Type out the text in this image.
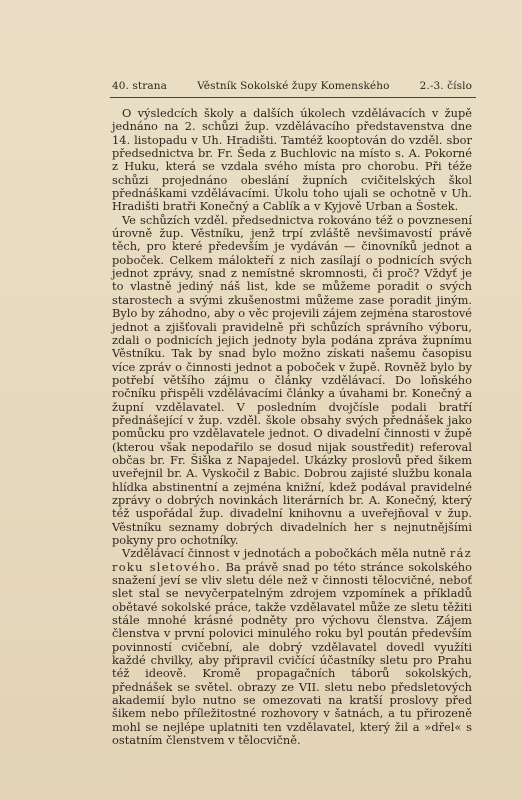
40. strana	Věstník Sokolské župy Komenského	2.-3. číslo

O výsledcích školy a dalších úkolech vzdělávacích v župě jednáno na 2. schůzi žup. vzdělávacího představenstva dne 14. listopadu v Uh. Hradišti. Tamtéž kooptován do vzděl. sbor předsednictva br. Fr. Šeda z Buchlovic na místo s. A. Pokorné z Huku, která se vzdala svého místa pro chorobu. Při téže schůzi projednáno obeslání župních cvičitelských škol přednáškami vzdělávacími. Úkolu toho ujali se ochotně v Uh. Hradišti bratři Konečný a Cablík a v Kyjově Urban a Šostek.

Ve schůzích vzděl. předsednictva rokováno též o povznesení úrovně žup. Věstníku, jenž trpí zvláště nevšimavostí právě těch, pro které především je vydáván — činovníků jednot a poboček. Celkem málokteří z nich zasílají o podnicích svých jednot zprávy, snad z nemístné skromnosti, či proč? Vždyť je to vlastně jediný náš list, kde se můžeme poradit o svých starostech a svými zkušenostmi můžeme zase poradit jiným. Bylo by záhodno, aby o věc projevili zájem zejména starostové jednot a zjišťovali pravidelně při schůzích správního výboru, zdali o podnicích jejich jednoty byla podána zpráva župnímu Věstníku. Tak by snad bylo možno získati našemu časopisu více zpráv o činnosti jednot a poboček v župě. Rovněž bylo by potřebí většího zájmu o články vzdělávací. Do loňského ročníku přispěli vzdělávacími články a úvahami br. Konečný a župní vzdělavatel. V posledním dvojčísle podali bratří přednášející v žup. vzděl. škole obsahy svých přednášek jako pomůcku pro vzdělavatele jednot. O divadelní činnosti v župě (kterou však nepodařilo se dosud nijak soustředit) referoval občas br. Fr. Šiška z Napajedel. Ukázky proslovů před šikem uveřejnil br. A. Vyskočil z Babic. Dobrou zajisté službu konala hlídka abstinentní a zejména knižní, kdež podával pravidelné zprávy o dobrých novinkách literárních br. A. Konečný, který též uspořádal žup. divadelní knihovnu a uveřejňoval v žup. Věstníku seznamy dobrých divadelních her s nejnutnějšími pokyny pro ochotníky.

Vzdělávací činnost v jednotách a pobočkách měla nutně ráz roku sletového. Ba právě snad po této stránce sokolského snažení jeví se vliv sletu déle než v činnosti tělocvičné, neboť slet stal se nevyčerpatelným zdrojem vzpomínek a příkladů obětavé sokolské práce, takže vzdělavatel může ze sletu těžiti stále mnohé krásné podněty pro výchovu členstva. Zájem členstva v první polovici minulého roku byl poután především povinností cvičební, ale dobrý vzdělavatel dovedl využíti každé chvilky, aby připravil cvičící účastníky sletu pro Prahu též ideově. Kromě propagačních táborů sokolských, přednášek se světel. obrazy ze VII. sletu nebo předsletových akademií bylo nutno se omezovati na kratší proslovy před šikem nebo příležitostné rozhovory v šatnách, a tu přirozeně mohl se nejlépe uplatniti ten vzdělavatel, který žil a »dřel« s ostatním členstvem v tělocvičně.
